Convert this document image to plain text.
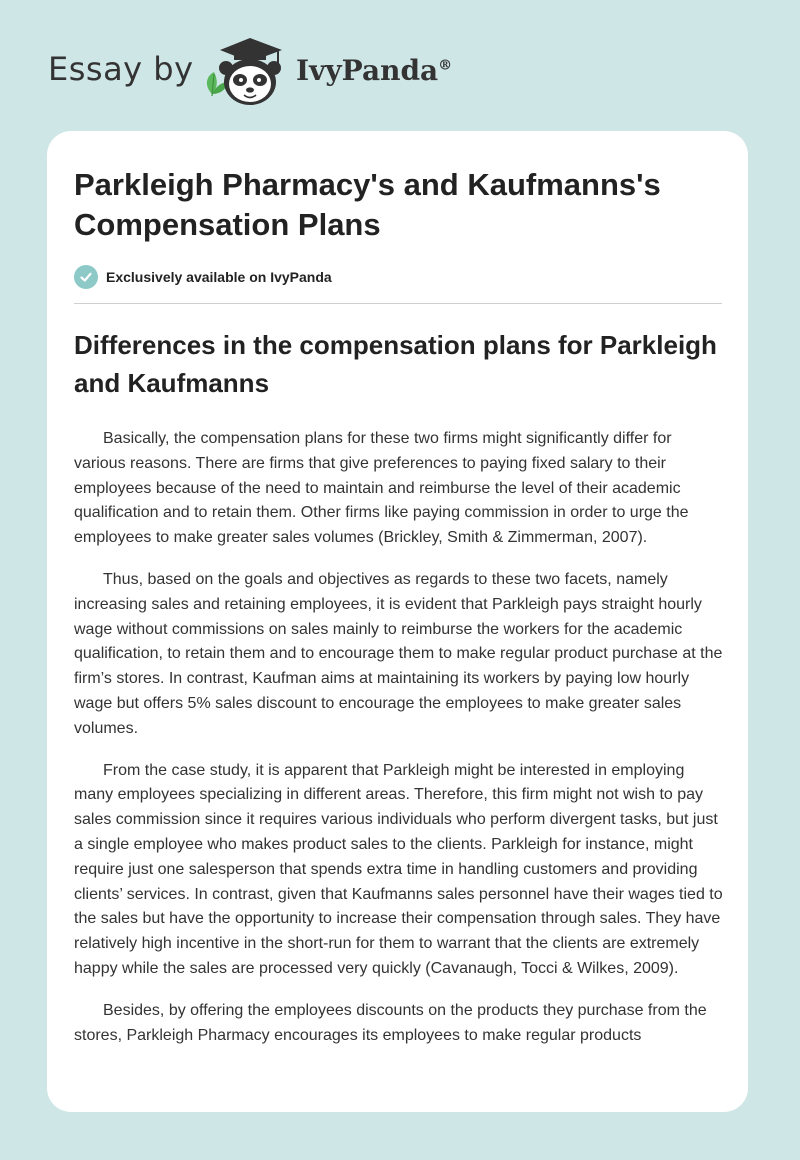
Essay by	IvyPanda®
Parkleigh Pharmacy's and Kaufmanns's Compensation Plans
Exclusively available on IvyPanda
Differences in the compensation plans for Parkleigh and Kaufmanns

Basically, the compensation plans for these two firms might significantly differ for various reasons. There are firms that give preferences to paying fixed salary to their employees because of the need to maintain and reimburse the level of their academic qualification and to retain them. Other firms like paying commission in order to urge the employees to make greater sales volumes (Brickley, Smith & Zimmerman, 2007).

Thus, based on the goals and objectives as regards to these two facets, namely increasing sales and retaining employees, it is evident that Parkleigh pays straight hourly wage without commissions on sales mainly to reimburse the workers for the academic qualification, to retain them and to encourage them to make regular product purchase at the firm’s stores. In contrast, Kaufman aims at maintaining its workers by paying low hourly wage but offers 5% sales discount to encourage the employees to make greater sales volumes.

From the case study, it is apparent that Parkleigh might be interested in employing many employees specializing in different areas. Therefore, this firm might not wish to pay sales commission since it requires various individuals who perform divergent tasks, but just a single employee who makes product sales to the clients. Parkleigh for instance, might require just one salesperson that spends extra time in handling customers and providing clients’ services. In contrast, given that Kaufmanns sales personnel have their wages tied to the sales but have the opportunity to increase their compensation through sales. They have relatively high incentive in the short-run for them to warrant that the clients are extremely happy while the sales are processed very quickly (Cavanaugh, Tocci & Wilkes, 2009).

Besides, by offering the employees discounts on the products they purchase from the stores, Parkleigh Pharmacy encourages its employees to make regular products
